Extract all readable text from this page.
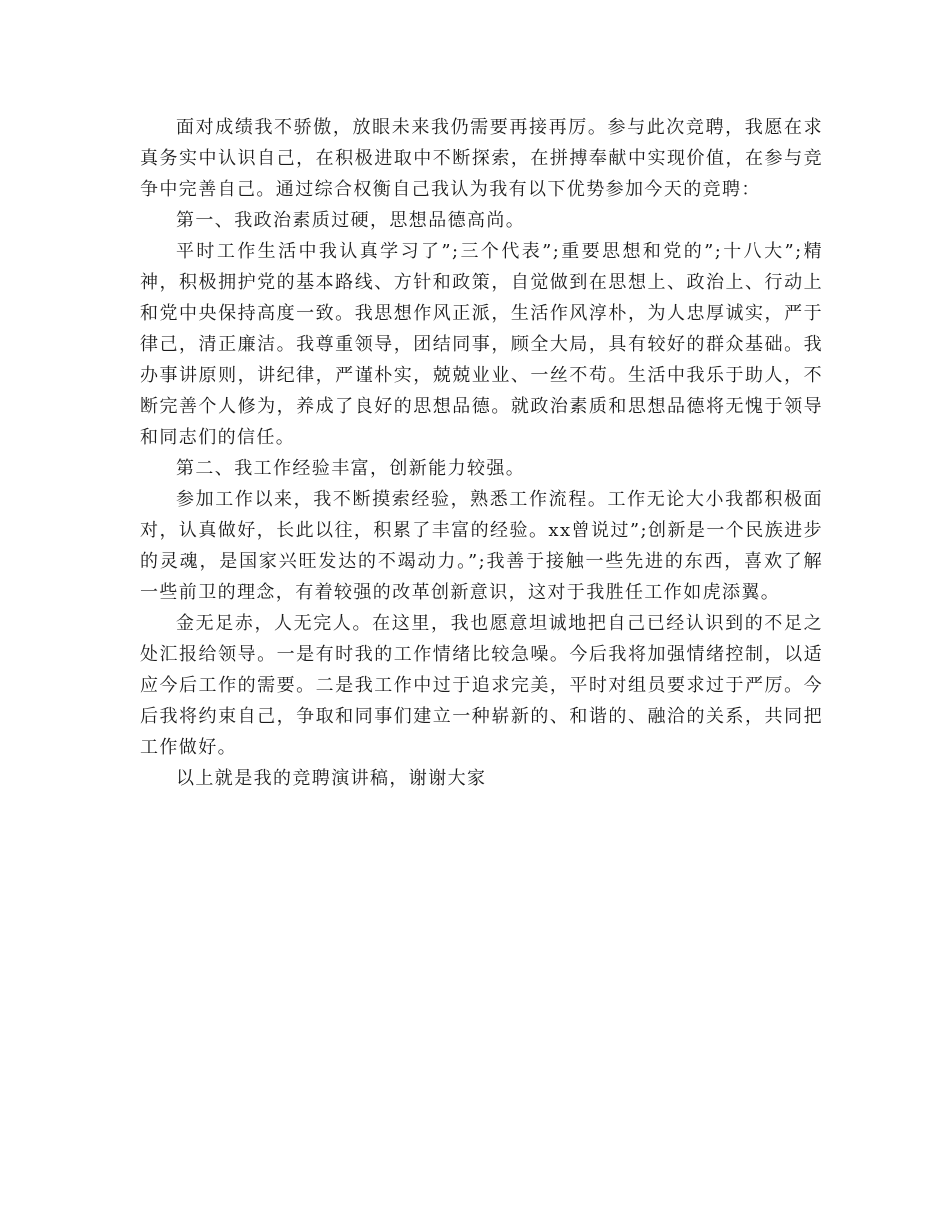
面对成绩我不骄傲，放眼未来我仍需要再接再厉。参与此次竞聘，我愿在求真务实中认识自己，在积极进取中不断探索，在拼搏奉献中实现价值，在参与竞争中完善自己。通过综合权衡自己我认为我有以下优势参加今天的竞聘：

第一、我政治素质过硬，思想品德高尚。

平时工作生活中我认真学习了”;三个代表”;重要思想和党的”;十八大”;精神，积极拥护党的基本路线、方针和政策，自觉做到在思想上、政治上、行动上和党中央保持高度一致。我思想作风正派，生活作风淳朴，为人忠厚诚实，严于律己，清正廉洁。我尊重领导，团结同事，顾全大局，具有较好的群众基础。我办事讲原则，讲纪律，严谨朴实，兢兢业业、一丝不苟。生活中我乐于助人，不断完善个人修为，养成了良好的思想品德。就政治素质和思想品德将无愧于领导和同志们的信任。

第二、我工作经验丰富，创新能力较强。

参加工作以来，我不断摸索经验，熟悉工作流程。工作无论大小我都积极面对，认真做好，长此以往，积累了丰富的经验。xx曾说过”;创新是一个民族进步的灵魂，是国家兴旺发达的不竭动力。”;我善于接触一些先进的东西，喜欢了解一些前卫的理念，有着较强的改革创新意识，这对于我胜任工作如虎添翼。

金无足赤，人无完人。在这里，我也愿意坦诚地把自己已经认识到的不足之处汇报给领导。一是有时我的工作情绪比较急噪。今后我将加强情绪控制，以适应今后工作的需要。二是我工作中过于追求完美，平时对组员要求过于严厉。今后我将约束自己，争取和同事们建立一种崭新的、和谐的、融洽的关系，共同把工作做好。

以上就是我的竞聘演讲稿，谢谢大家
